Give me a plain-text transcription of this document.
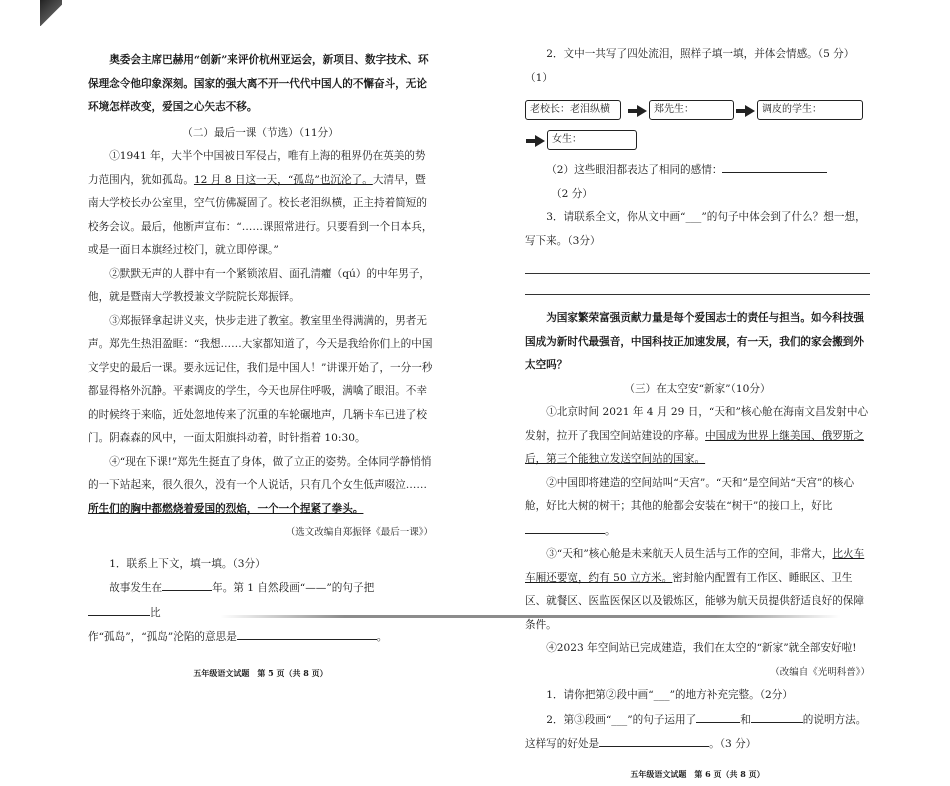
奥委会主席巴赫用“创新”来评价杭州亚运会，新项目、数字技术、环保理念令他印象深刻。国家的强大离不开一代代中国人的不懈奋斗，无论环境怎样改变，爱国之心矢志不移。

（二）最后一课（节选）（11分）

①1941 年，大半个中国被日军侵占，唯有上海的租界仍在英美的势力范围内，犹如孤岛。12 月 8 日这一天，“孤岛”也沉沦了。大清早，暨南大学校长办公室里，空气仿佛凝固了。校长老泪纵横，正主持着简短的校务会议。最后，他断声宣布：“……课照常进行。只要看到一个日本兵，或是一面日本旗经过校门，就立即停课。”

②默默无声的人群中有一个紧锁浓眉、面孔清癯（qú）的中年男子，他，就是暨南大学教授兼文学院院长郑振铎。

③郑振铎拿起讲义夹，快步走进了教室。教室里坐得满满的，男者无声。郑先生热泪盈眶：“我想……大家都知道了，今天是我给你们上的中国文学史的最后一课。要永远记住，我们是中国人！”讲课开始了，一分一秒都显得格外沉静。平素调皮的学生，今天也屏住呼吸，满噙了眼泪。不幸的时候终于来临，近处忽地传来了沉重的车轮碾地声，几辆卡车已进了校门。阴森森的风中，一面太阳旗抖动着，时针指着 10:30。

④“现在下课!”郑先生挺直了身体，做了立正的姿势。全体同学静悄悄的一下站起来，很久很久，没有一个人说话，只有几个女生低声啜泣……所生们的胸中都燃烧着爱国的烈焰，一个一个捏紧了拳头。

（选文改编自郑振铎《最后一课》）

1．联系上下文，填一填。（3分）

故事发生在	年。第 1 自然段画“——”的句子把比

作“孤岛”，“孤岛”沦陷的意思是	。

五年级语文试题　第 5 页（共 8 页）

2．文中一共写了四处流泪，照样子填一填，并体会情感。（5 分）

（1）

老校长：老泪纵横	郑先生：	调皮的学生：
女生：

（2）这些眼泪都表达了相同的感情：（2 分）

3．请联系全文，你从文中画“___”的句子中体会到了什么？想一想，写下来。（3分）

为国家繁荣富强贡献力量是每个爱国志士的责任与担当。如今科技强国成为新时代最强音，中国科技正加速发展，有一天，我们的家会搬到外太空吗？

（三）在太空安“新家”（10分）

①北京时间 2021 年 4 月 29 日，“天和”核心舱在海南文昌发射中心发射，拉开了我国空间站建设的序幕。中国成为世界上继美国、俄罗斯之后，第三个能独立发送空间站的国家。

②中国即将建造的空间站叫“天宫”。“天和”是空间站“天宫”的核心舱，好比大树的树干；其他的舱都会安装在“树干”的接口上，好比。

③“天和”核心舱是未来航天人员生活与工作的空间，非常大，比火车车厢还要宽，约有 50 立方米。密封舱内配置有工作区、睡眠区、卫生区、就餐区、医监医保区以及锻炼区，能够为航天员提供舒适良好的保障条件。

④2023 年空间站已完成建造，我们在太空的“新家”就全部安好啦!

（改编自《光明科普》）

1．请你把第②段中画“___”的地方补充完整。（2分）

2．第③段画“___”的句子运用了	和	的说明方法。这样写的好处是	。（3 分）

五年级语文试题　第 6 页（共 8 页）
